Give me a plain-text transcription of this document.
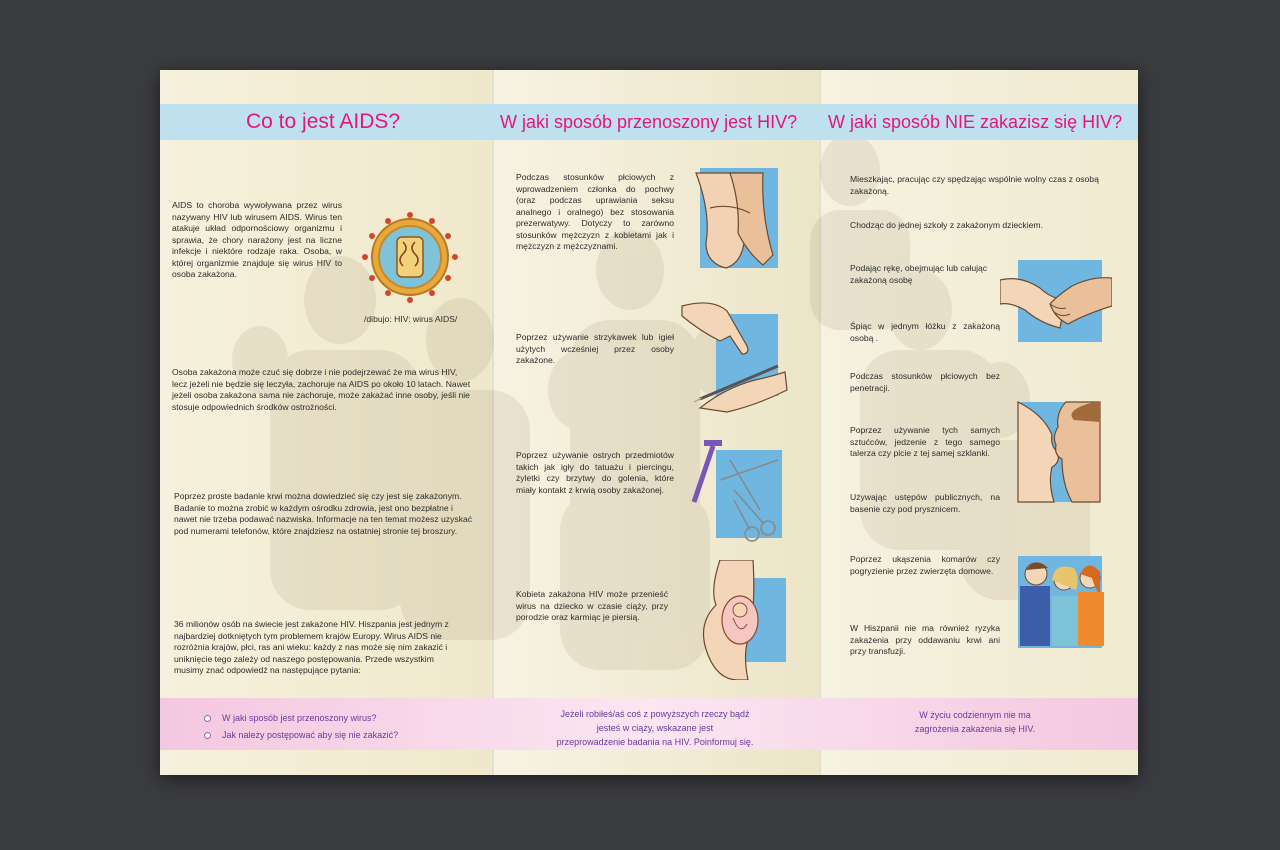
Co to jest AIDS?	W jaki sposób przenoszony jest HIV? W jaki sposób NIE zakazisz się HIV?
AIDS to choroba wywoływana przez wirus nazywany HIV lub wirusem AIDS. Wirus ten atakuje układ odpornościowy organizmu i sprawia, że chory narażony jest na liczne infekcje i niektóre rodzaje raka. Osoba, w której organizmie znajduje się wirus HIV to osoba zakażona.
/dibujo: HIV: wirus AIDS/
Osoba zakażona może czuć się dobrze i nie podejrzewać że ma wirus HIV, lecz jeżeli nie będzie się leczyła, zachoruje na AIDS po około 10 latach. Nawet jeżeli osoba zakażona sama nie zachoruje, może zakażać inne osoby, jeśli nie stosuje odpowiednich środków ostrożności.
Poprzez proste badanie krwi można dowiedzieć się czy jest się zakażonym. Badanie to można zrobić w każdym ośrodku zdrowia, jest ono bezpłatne i nawet nie trzeba podawać nazwiska. Informacje na ten temat możesz uzyskać pod numerami telefonów, które znajdziesz na ostatniej stronie tej broszury.
36 milionów osób na świecie jest zakażone HIV. Hiszpania jest jednym z najbardziej dotkniętych tym problemem krajów Europy. Wirus AIDS nie rozróżnia krajów, płci, ras ani wieku: każdy z nas może się nim zakazić i uniknięcie tego zależy od naszego postępowania. Przede wszystkim musimy znać odpowiedź na następujące pytania:
Podczas stosunków płciowych z wprowadzeniem członka do pochwy (oraz podczas uprawiania seksu analnego i oralnego) bez stosowania prezerwatywy. Dotyczy to zarówno stosunków mężczyzn z kobietami jak i mężczyzn z mężczyznami.
Poprzez używanie strzykawek lub igieł użytych wcześniej przez osoby zakażone.
Poprzez używanie ostrych przedmiotów takich jak igły do tatuażu i piercingu, żyletki czy brzytwy do golenia, które miały kontakt z krwią osoby zakażonej.
Kobieta zakażona HIV może przenieść wirus na dziecko w czasie ciąży, przy porodzie oraz karmiąc je piersią.
Mieszkając, pracując czy spędzając wspólnie wolny czas z osobą zakażoną.
Chodząc do jednej szkoły z zakażonym dzieckiem.
Podając rękę, obejmując lub całując zakażoną osobę
Śpiąc w jednym łóżku z zakażoną osobą .
Podczas stosunków płciowych bez penetracji.
Poprzez używanie tych samych sztućców, jedzenie z tego samego talerza czy picie z tej samej szklanki.
Używając ustępów publicznych, na basenie czy pod prysznicem.
Poprzez ukąszenia komarów czy pogryzienie przez zwierzęta domowe.
W Hiszpanii nie ma również ryzyka zakażenia przy oddawaniu krwi ani przy transfuzji.
W jaki sposób jest przenoszony wirus?
Jak należy postępować aby się nie zakazić?
Jeżeli robiłeś/aś coś z powyższych rzeczy bądź
jesteś w ciąży, wskazane jest
przeprowadzenie badania na HIV. Poinformuj się.
W życiu codziennym nie ma
zagrożenia zakażenia się HIV.
